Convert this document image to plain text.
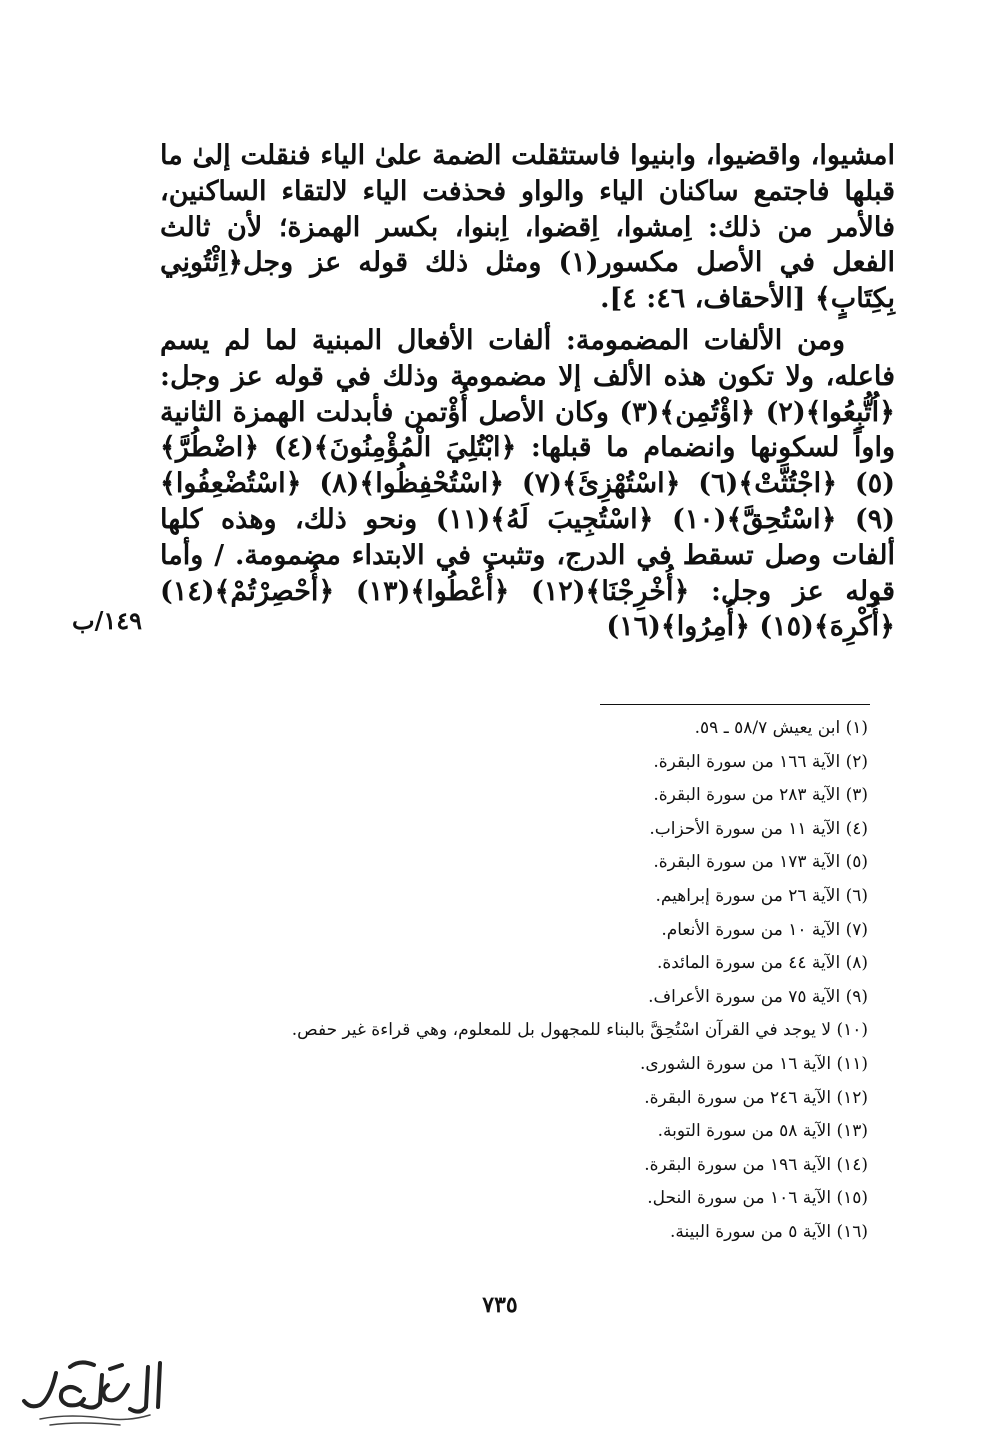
امشيوا، واقضيوا، وابنيوا فاستثقلت الضمة علىٰ الياء فنقلت إلىٰ ما قبلها فاجتمع ساكنان الياء والواو فحذفت الياء لالتقاء الساكنين، فالأمر من ذلك: اِمشوا، اِقضوا، اِبنوا، بكسر الهمزة؛ لأن ثالث الفعل في الأصل مكسور(١) ومثل ذلك قوله عز وجل﴿اِئْتُونِي بِكِتَابٍ﴾ [الأحقاف، ٤٦: ٤].

ومن الألفات المضمومة: ألفات الأفعال المبنية لما لم يسم فاعله، ولا تكون هذه الألف إلا مضمومة وذلك في قوله عز وجل: ﴿اُتُّبِعُوا﴾(٢) ﴿اؤْتُمِن﴾(٣) وكان الأصل أُؤْتمن فأبدلت الهمزة الثانية واواً لسكونها وانضمام ما قبلها: ﴿ابْتُلِيَ الْمُؤْمِنُونَ﴾(٤) ﴿اضْطُرَّ﴾(٥) ﴿اجْتُثَّتْ﴾(٦) ﴿اسْتُهْزِئَ﴾(٧) ﴿اسْتُحْفِظُوا﴾(٨) ﴿اسْتُضْعِفُوا﴾(٩) ﴿اسْتُحِقَّ﴾(١٠) ﴿اسْتُجِيبَ لَهُ﴾(١١) ونحو ذلك، وهذه كلها ألفات وصل تسقط في الدرج، وتثبت في الابتداء مضمومة. / وأما قوله عز وجل: ﴿أُخْرِجْنَا﴾(١٢) ﴿أُعْطُوا﴾(١٣) ﴿أُحْصِرْتُمْ﴾(١٤) ﴿أُكْرِهَ﴾(١٥) ﴿أُمِرُوا﴾(١٦)

١٤٩/ب
(١) ابن يعيش ٥٨/٧ ـ ٥٩.
(٢) الآية ١٦٦ من سورة البقرة.
(٣) الآية ٢٨٣ من سورة البقرة.
(٤) الآية ١١ من سورة الأحزاب.
(٥) الآية ١٧٣ من سورة البقرة.
(٦) الآية ٢٦ من سورة إبراهيم.
(٧) الآية ١٠ من سورة الأنعام.
(٨) الآية ٤٤ من سورة المائدة.
(٩) الآية ٧٥ من سورة الأعراف.
(١٠) لا يوجد في القرآن اسْتُحِقَّ بالبناء للمجهول بل للمعلوم، وهي قراءة غير حفص.
(١١) الآية ١٦ من سورة الشورى.
(١٢) الآية ٢٤٦ من سورة البقرة.
(١٣) الآية ٥٨ من سورة التوبة.
(١٤) الآية ١٩٦ من سورة البقرة.
(١٥) الآية ١٠٦ من سورة النحل.
(١٦) الآية ٥ من سورة البينة.
٧٣٥
